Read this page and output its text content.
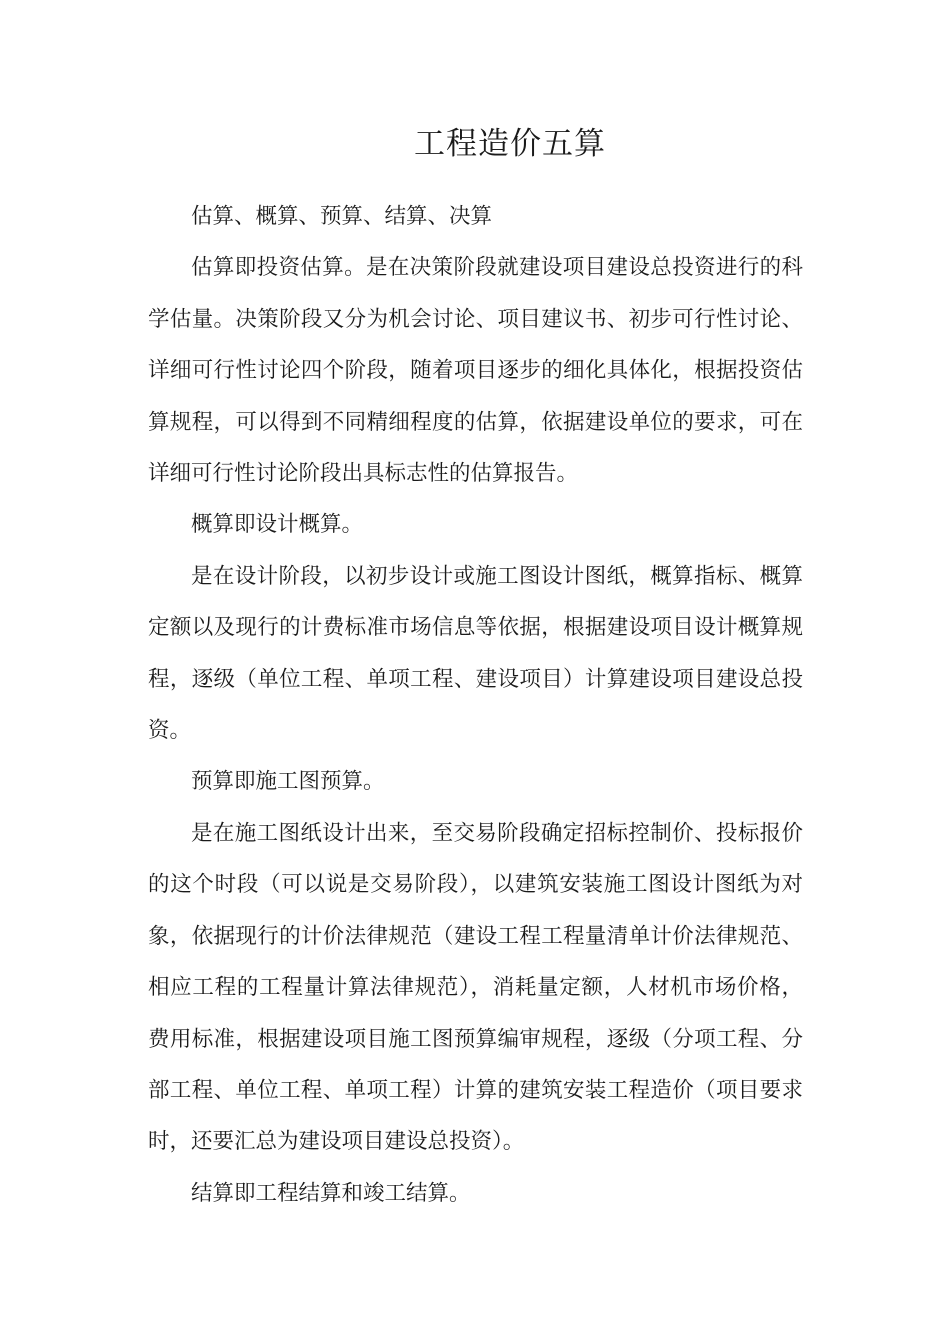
工程造价五算

估算、概算、预算、结算、决算

估算即投资估算。是在决策阶段就建设项目建设总投资进行的科学估量。决策阶段又分为机会讨论、项目建议书、初步可行性讨论、详细可行性讨论四个阶段，随着项目逐步的细化具体化，根据投资估算规程，可以得到不同精细程度的估算，依据建设单位的要求，可在详细可行性讨论阶段出具标志性的估算报告。

概算即设计概算。

是在设计阶段，以初步设计或施工图设计图纸，概算指标、概算定额以及现行的计费标准市场信息等依据，根据建设项目设计概算规程，逐级（单位工程、单项工程、建设项目）计算建设项目建设总投资。

预算即施工图预算。

是在施工图纸设计出来，至交易阶段确定招标控制价、投标报价的这个时段（可以说是交易阶段），以建筑安装施工图设计图纸为对象，依据现行的计价法律规范（建设工程工程量清单计价法律规范、相应工程的工程量计算法律规范），消耗量定额，人材机市场价格，费用标准，根据建设项目施工图预算编审规程，逐级（分项工程、分部工程、单位工程、单项工程）计算的建筑安装工程造价（项目要求时，还要汇总为建设项目建设总投资）。

结算即工程结算和竣工结算。
